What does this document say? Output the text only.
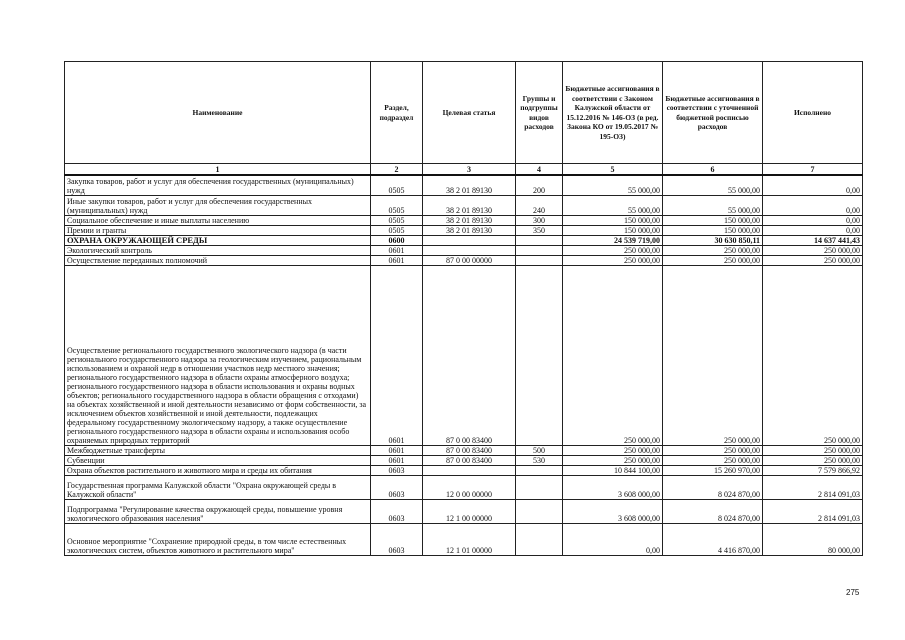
Наименование	Раздел, подраздел	Целевая статья	Группы и подгруппы видов расходов	Бюджетные ассигнования в соответствии с Законом Калужской области от 15.12.2016 № 146-ОЗ (в ред. Закона КО от 19.05.2017 № 195-ОЗ)	Бюджетные ассигнования в соответствии с уточненной бюджетной росписью расходов	Исполнено
1	2	3	4	5	6	7
Закупка товаров, работ и услуг для обеспечения государственных (муниципальных) нужд	0505	38 2 01 89130	200	55 000,00	55 000,00	0,00
Иные закупки товаров, работ и услуг для обеспечения государственных (муниципальных) нужд	0505	38 2 01 89130	240	55 000,00	55 000,00	0,00
Социальное обеспечение и иные выплаты населению	0505	38 2 01 89130	300	150 000,00	150 000,00	0,00
Премии и гранты	0505	38 2 01 89130	350	150 000,00	150 000,00	0,00
ОХРАНА ОКРУЖАЮЩЕЙ СРЕДЫ	0600			24 539 719,00	30 630 850,11	14 637 441,43
Экологический контроль	0601			250 000,00	250 000,00	250 000,00
Осуществление переданных полномочий	0601	87 0 00 00000		250 000,00	250 000,00	250 000,00
Осуществление регионального государственного экологического надзора (в части регионального государственного надзора за геологическим изучением, рациональным использованием и охраной недр в отношении участков недр местного значения; регионального государственного надзора в области охраны атмосферного воздуха; регионального государственного надзора в области использования и охраны водных объектов; регионального государственного надзора в области обращения с отходами) на объектах хозяйственной и иной деятельности независимо от форм собственности, за исключением объектов хозяйственной и иной деятельности, подлежащих федеральному государственному экологическому надзору, а также осуществление регионального государственного надзора в области охраны и использования особо охраняемых природных территорий	0601	87 0 00 83400		250 000,00	250 000,00	250 000,00
Межбюджетные трансферты	0601	87 0 00 83400	500	250 000,00	250 000,00	250 000,00
Субвенции	0601	87 0 00 83400	530	250 000,00	250 000,00	250 000,00
Охрана объектов растительного и животного мира и среды их обитания	0603			10 844 100,00	15 260 970,00	7 579 866,92
Государственная программа Калужской области "Охрана окружающей среды в Калужской области"	0603	12 0 00 00000		3 608 000,00	8 024 870,00	2 814 091,03
Подпрограмма "Регулирование качества окружающей среды, повышение уровня экологического образования населения"	0603	12 1 00 00000		3 608 000,00	8 024 870,00	2 814 091,03
Основное мероприятие "Сохранение природной среды, в том числе естественных экологических систем, объектов животного и растительного мира"	0603	12 1 01 00000		0,00	4 416 870,00	80 000,00
275
